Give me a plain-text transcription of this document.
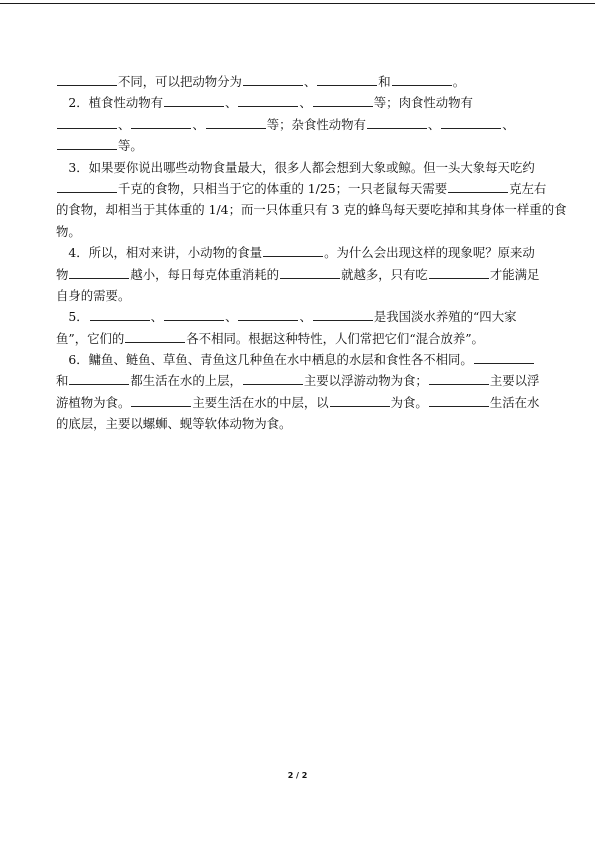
不同，可以把动物分为	、	和	。
 2．植食性动物有	、	、	等；肉食性动物有
、	、	等；杂食性动物有	、	、
等。
 3．如果要你说出哪些动物食量最大，很多人都会想到大象或鲸。但一头大象每天吃约
千克的食物，只相当于它的体重的 1/25；一只老鼠每天需要	克左右
的食物，却相当于其体重的 1/4；而一只体重只有 3 克的蜂鸟每天要吃掉和其身体一样重的食
物。
 4．所以，相对来讲，小动物的食量	。为什么会出现这样的现象呢？原来动
物	越小，每日每克体重消耗的	就越多，只有吃	才能满足
自身的需要。
 5．	、	、	、	是我国淡水养殖的“四大家
鱼”，它们的	各不相同。根据这种特性，人们常把它们“混合放养”。
 6．鳙鱼、鲢鱼、草鱼、青鱼这几种鱼在水中栖息的水层和食性各不相同。
和	都生活在水的上层，	主要以浮游动物为食；	主要以浮
游植物为食。	主要生活在水的中层，以	为食。	生活在水
的底层，主要以螺蛳、蚬等软体动物为食。
2 / 2
